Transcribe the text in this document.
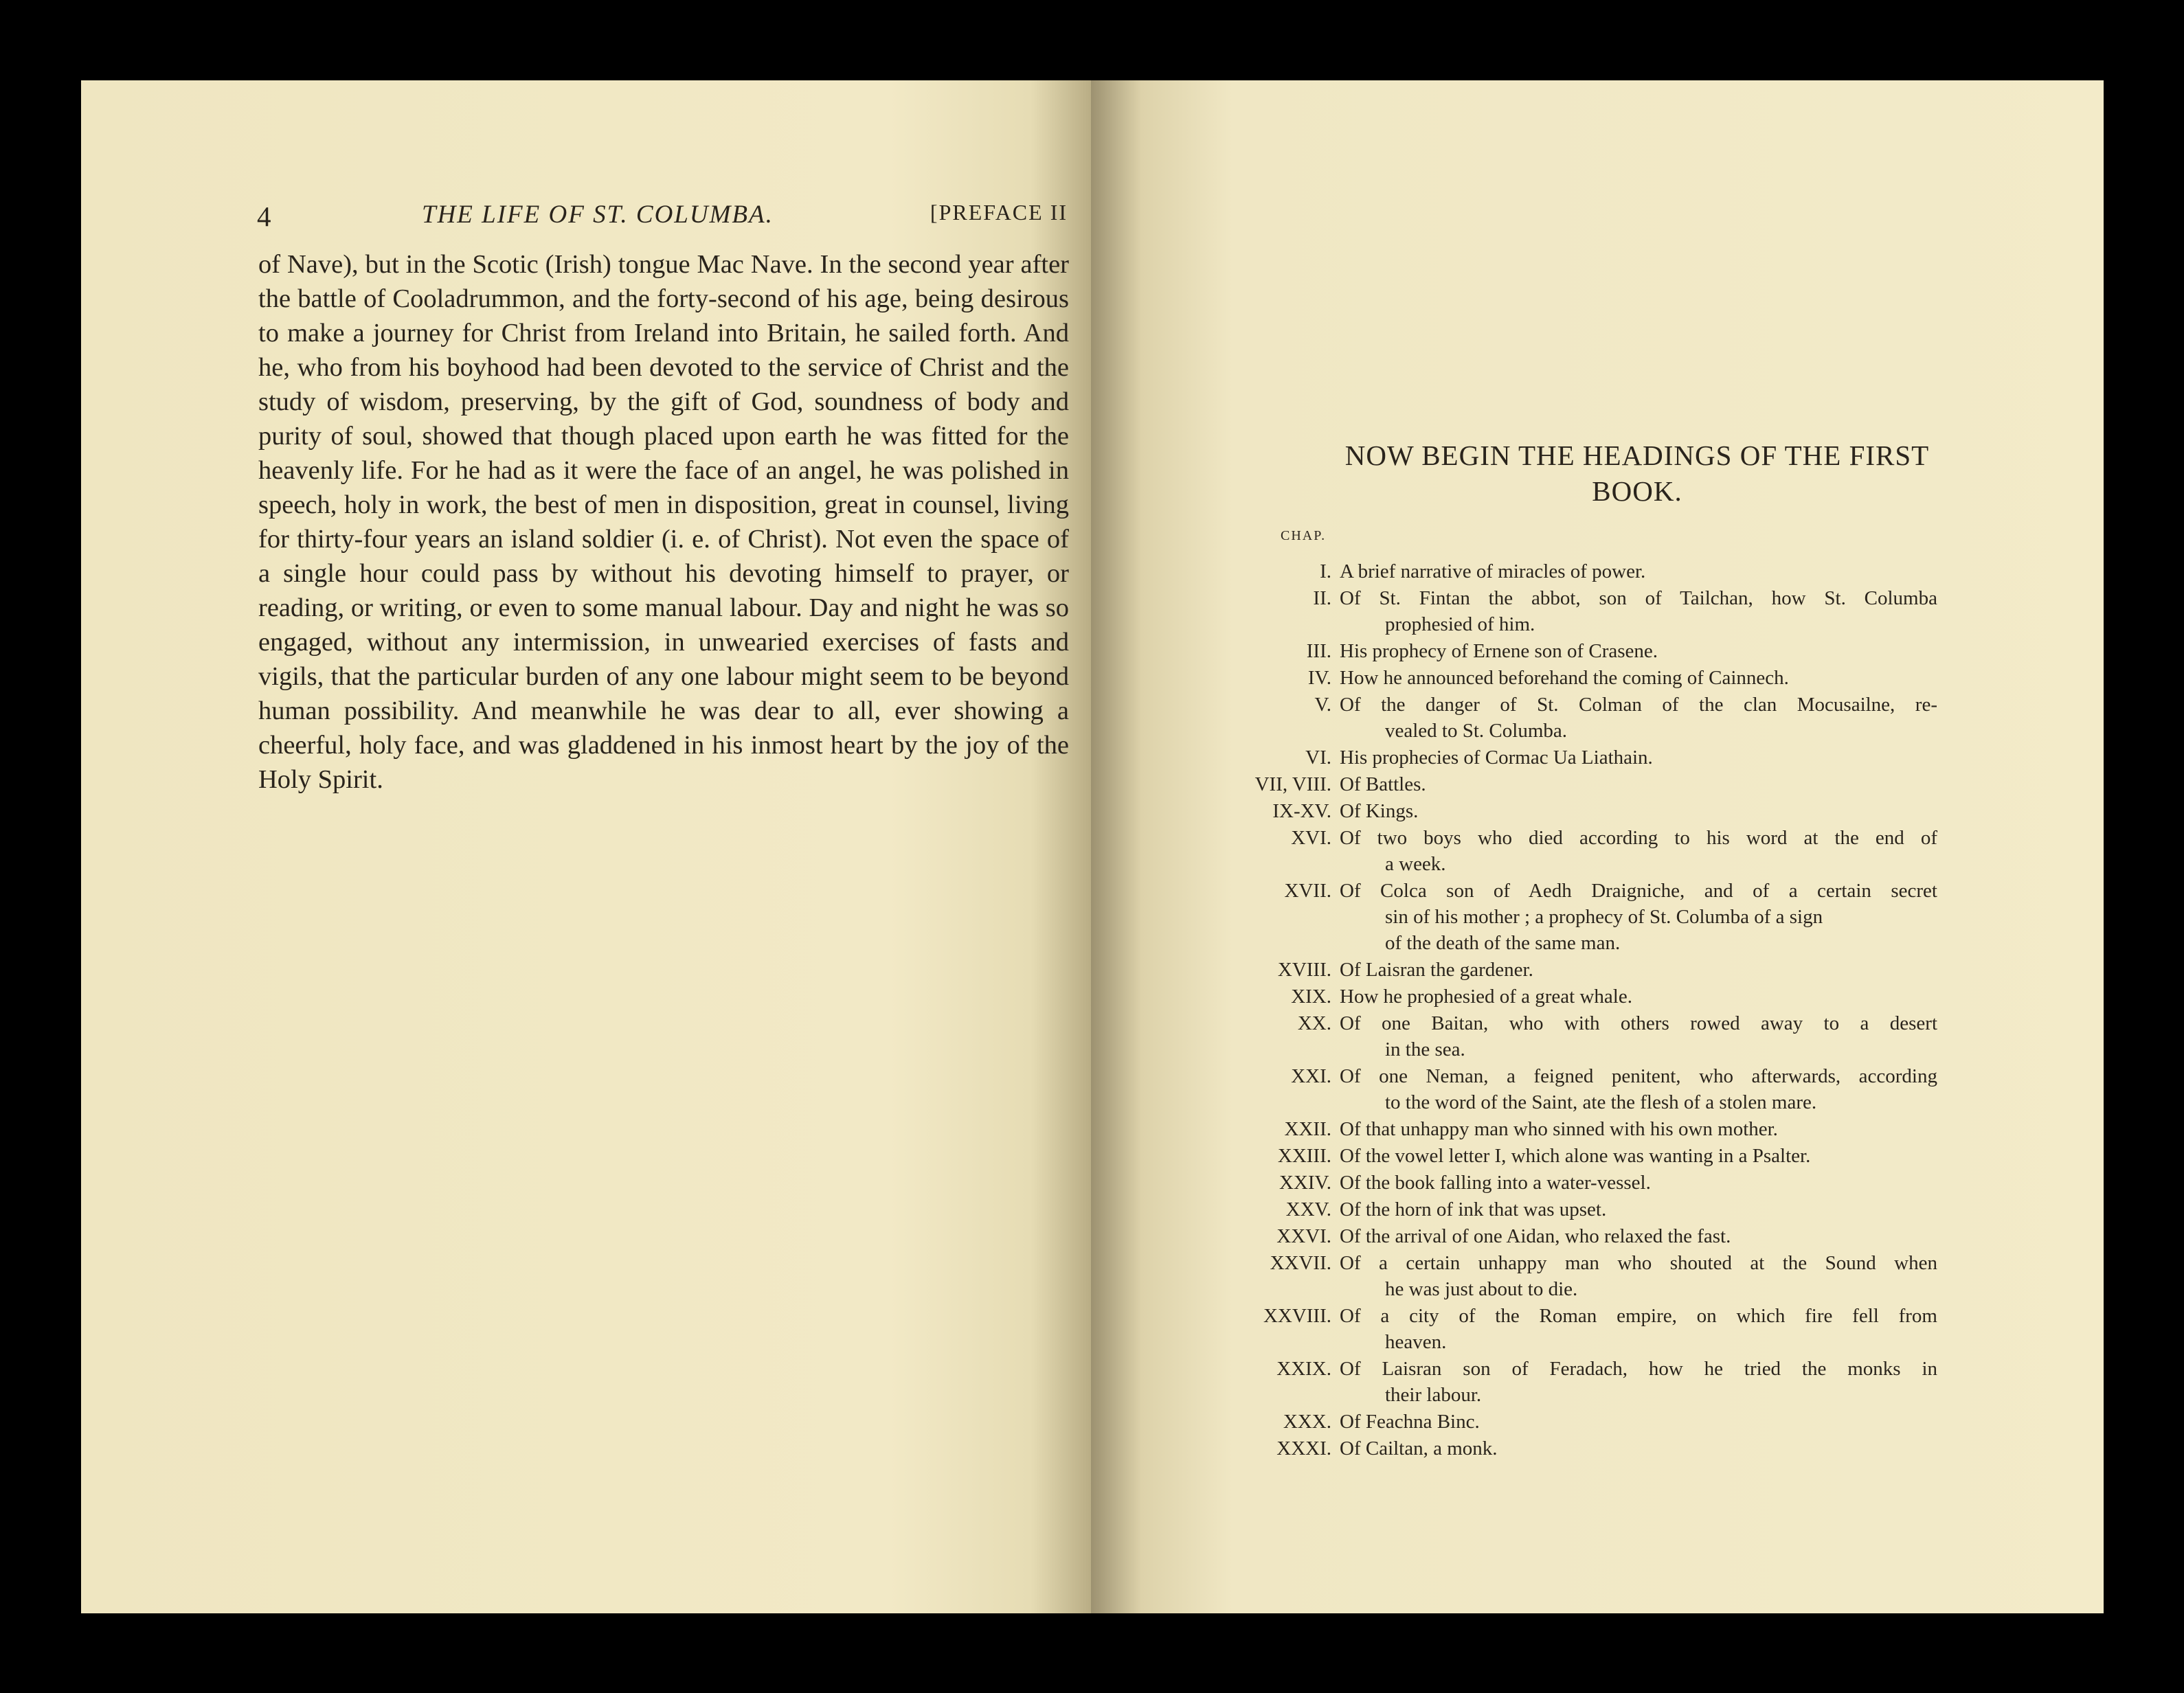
4	THE LIFE OF ST. COLUMBA.	[PREFACE II
of Nave), but in the Scotic (Irish) tongue Mac Nave. In the second year after the battle of Cooladrummon, and the forty-second of his age, being desirous to make a journey for Christ from Ireland into Britain, he sailed forth. And he, who from his boyhood had been devoted to the service of Christ and the study of wisdom, preserving, by the gift of God, soundness of body and purity of soul, showed that though placed upon earth he was fitted for the heavenly life. For he had as it were the face of an angel, he was polished in speech, holy in work, the best of men in disposition, great in counsel, living for thirty-four years an island soldier (i. e. of Christ). Not even the space of a single hour could pass by without his devoting himself to prayer, or reading, or writing, or even to some manual labour. Day and night he was so engaged, without any intermission, in unwearied exercises of fasts and vigils, that the particular burden of any one labour might seem to be beyond human possibility. And meanwhile he was dear to all, ever showing a cheerful, holy face, and was gladdened in his inmost heart by the joy of the Holy Spirit.
NOW BEGIN THE HEADINGS OF THE FIRST BOOK.
CHAP.
I. A brief narrative of miracles of power.
II. Of St. Fintan the abbot, son of Tailchan, how St. Columba
prophesied of him.
III. His prophecy of Ernene son of Crasene.
IV. How he announced beforehand the coming of Cainnech.
V. Of the danger of St. Colman of the clan Mocusailne, re-
vealed to St. Columba.
VI. His prophecies of Cormac Ua Liathain.
VII, VIII. Of Battles.
IX-XV. Of Kings.
XVI. Of two boys who died according to his word at the end of
a week.
XVII. Of Colca son of Aedh Draigniche, and of a certain secret
sin of his mother ; a prophecy of St. Columba of a sign
of the death of the same man.
XVIII. Of Laisran the gardener.
XIX. How he prophesied of a great whale.
XX. Of one Baitan, who with others rowed away to a desert
in the sea.
XXI. Of one Neman, a feigned penitent, who afterwards, according
to the word of the Saint, ate the flesh of a stolen mare.
XXII. Of that unhappy man who sinned with his own mother.
XXIII. Of the vowel letter I, which alone was wanting in a Psalter.
XXIV. Of the book falling into a water-vessel.
XXV. Of the horn of ink that was upset.
XXVI. Of the arrival of one Aidan, who relaxed the fast.
XXVII. Of a certain unhappy man who shouted at the Sound when
he was just about to die.
XXVIII. Of a city of the Roman empire, on which fire fell from
heaven.
XXIX. Of Laisran son of Feradach, how he tried the monks in
their labour.
XXX. Of Feachna Binc.
XXXI. Of Cailtan, a monk.
